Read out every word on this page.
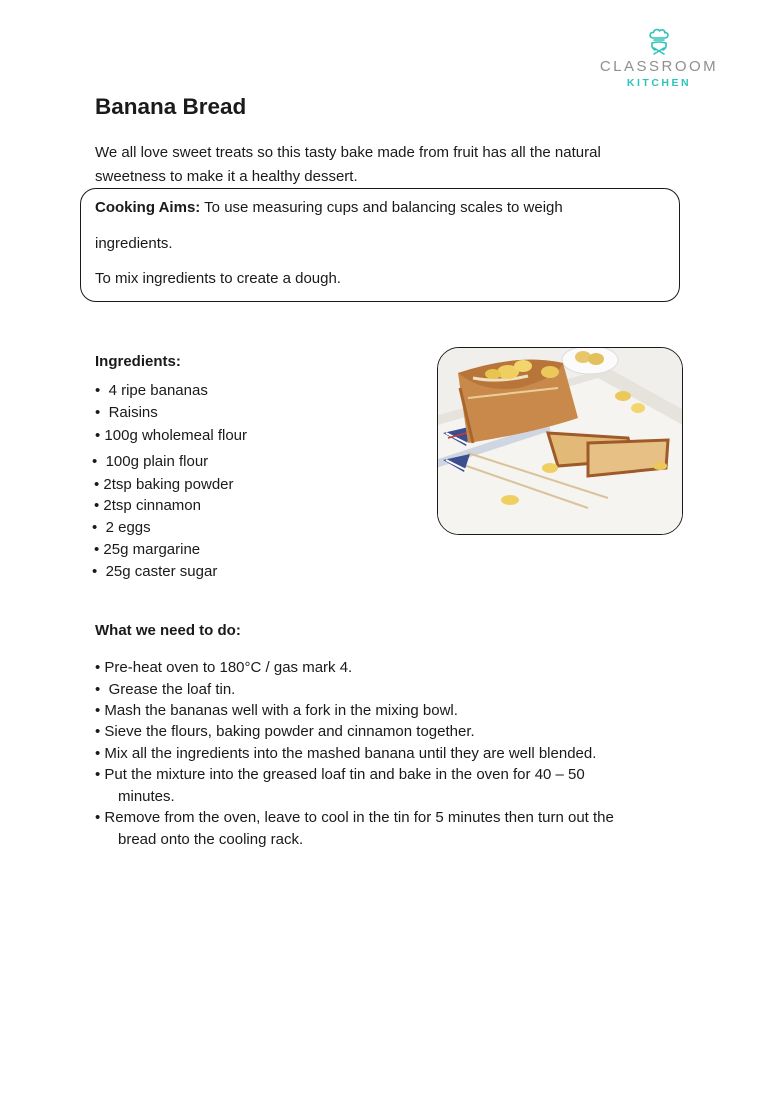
CLASSROOM
KITCHEN
Banana Bread

We all love sweet treats so this tasty bake made from fruit has all the natural sweetness to make it a healthy dessert.

Cooking Aims: To use measuring cups and balancing scales to weigh
ingredients.
To mix ingredients to create a dough.
Ingredients:
•  4 ripe bananas
•  Raisins
• 100g wholemeal flour
•  100g plain flour
• 2tsp baking powder
• 2tsp cinnamon
•  2 eggs
• 25g margarine
•  25g caster sugar
What we need to do:
• Pre-heat oven to 180°C / gas mark 4.
•  Grease the loaf tin.
• Mash the bananas well with a fork in the mixing bowl.
• Sieve the flours, baking powder and cinnamon together.
• Mix all the ingredients into the mashed banana until they are well blended.
• Put the mixture into the greased loaf tin and bake in the oven for 40 – 50
minutes.
• Remove from the oven, leave to cool in the tin for 5 minutes then turn out the
bread onto the cooling rack.
